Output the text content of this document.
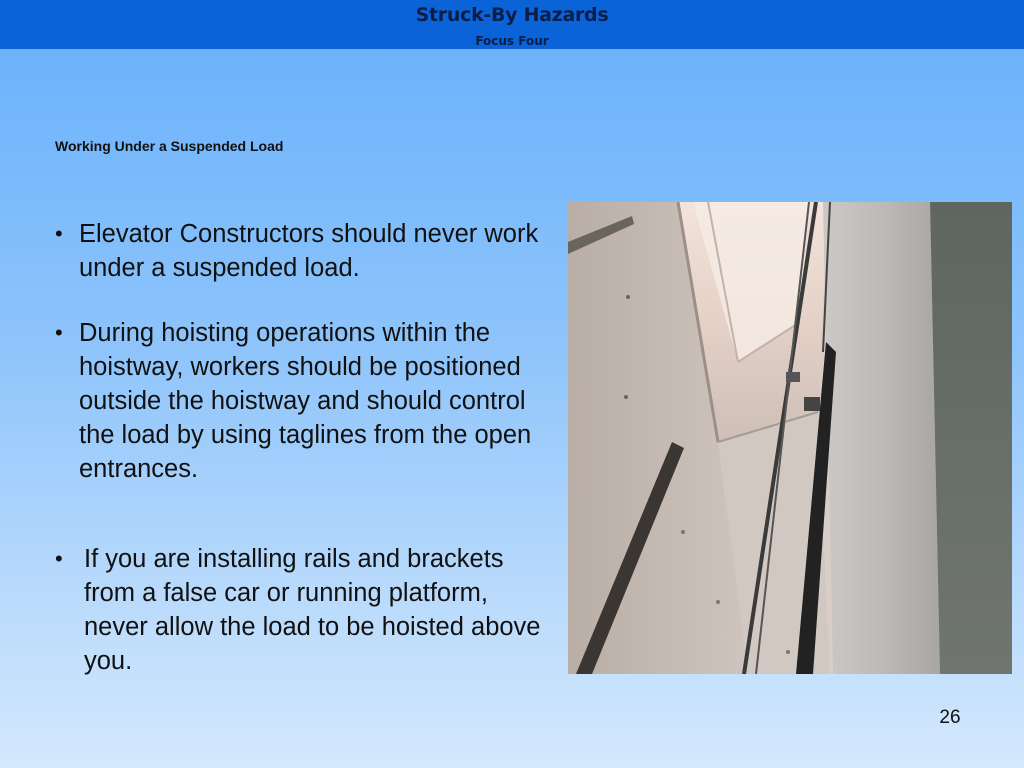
Struck-By Hazards
Focus Four
Working Under a Suspended Load
• Elevator Constructors should never work under a suspended load.
• During hoisting operations within the hoistway, workers should be positioned outside the hoistway and should control the load by using taglines from the open entrances.
• If you are installing rails and brackets from a false car or running platform, never allow the load to be hoisted above you.
26
